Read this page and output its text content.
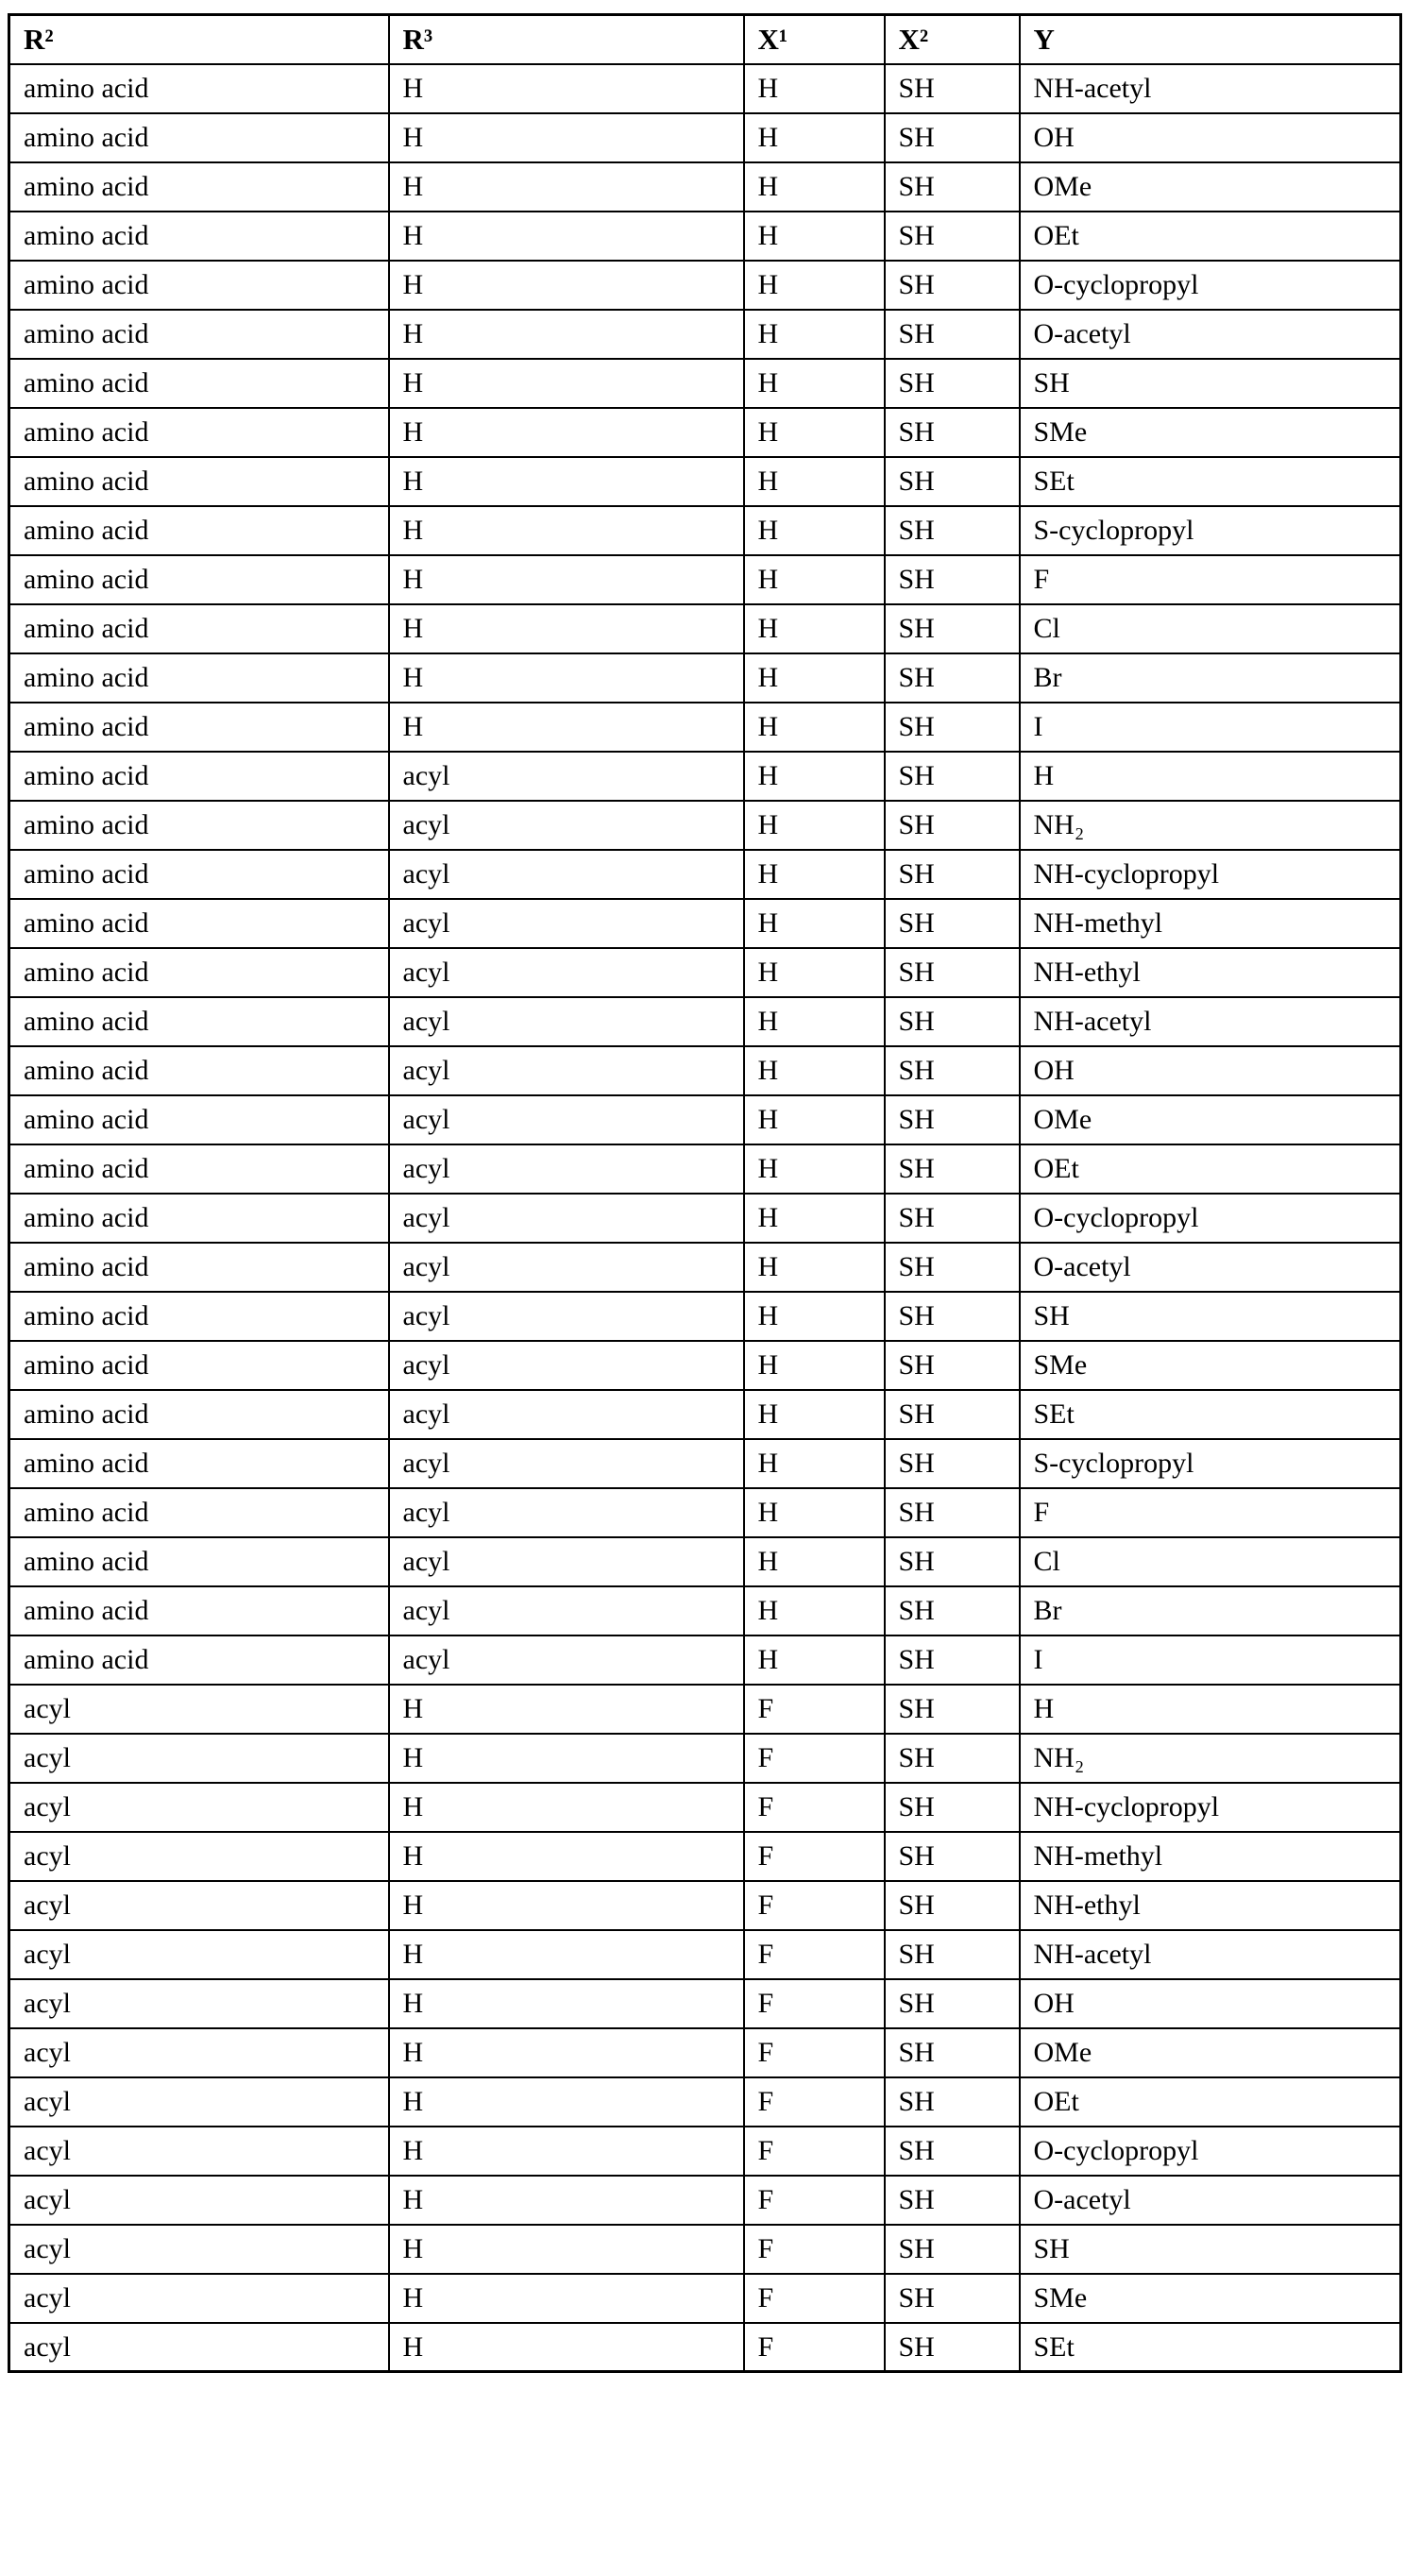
R²	R³	X¹	X²	Y
amino acid	H	H	SH	NH-acetyl
amino acid	H	H	SH	OH
amino acid	H	H	SH	OMe
amino acid	H	H	SH	OEt
amino acid	H	H	SH	O-cyclopropyl
amino acid	H	H	SH	O-acetyl
amino acid	H	H	SH	SH
amino acid	H	H	SH	SMe
amino acid	H	H	SH	SEt
amino acid	H	H	SH	S-cyclopropyl
amino acid	H	H	SH	F
amino acid	H	H	SH	Cl
amino acid	H	H	SH	Br
amino acid	H	H	SH	I
amino acid	acyl	H	SH	H
amino acid	acyl	H	SH	NH₂
amino acid	acyl	H	SH	NH-cyclopropyl
amino acid	acyl	H	SH	NH-methyl
amino acid	acyl	H	SH	NH-ethyl
amino acid	acyl	H	SH	NH-acetyl
amino acid	acyl	H	SH	OH
amino acid	acyl	H	SH	OMe
amino acid	acyl	H	SH	OEt
amino acid	acyl	H	SH	O-cyclopropyl
amino acid	acyl	H	SH	O-acetyl
amino acid	acyl	H	SH	SH
amino acid	acyl	H	SH	SMe
amino acid	acyl	H	SH	SEt
amino acid	acyl	H	SH	S-cyclopropyl
amino acid	acyl	H	SH	F
amino acid	acyl	H	SH	Cl
amino acid	acyl	H	SH	Br
amino acid	acyl	H	SH	I
acyl	H	F	SH	H
acyl	H	F	SH	NH₂
acyl	H	F	SH	NH-cyclopropyl
acyl	H	F	SH	NH-methyl
acyl	H	F	SH	NH-ethyl
acyl	H	F	SH	NH-acetyl
acyl	H	F	SH	OH
acyl	H	F	SH	OMe
acyl	H	F	SH	OEt
acyl	H	F	SH	O-cyclopropyl
acyl	H	F	SH	O-acetyl
acyl	H	F	SH	SH
acyl	H	F	SH	SMe
acyl	H	F	SH	SEt
